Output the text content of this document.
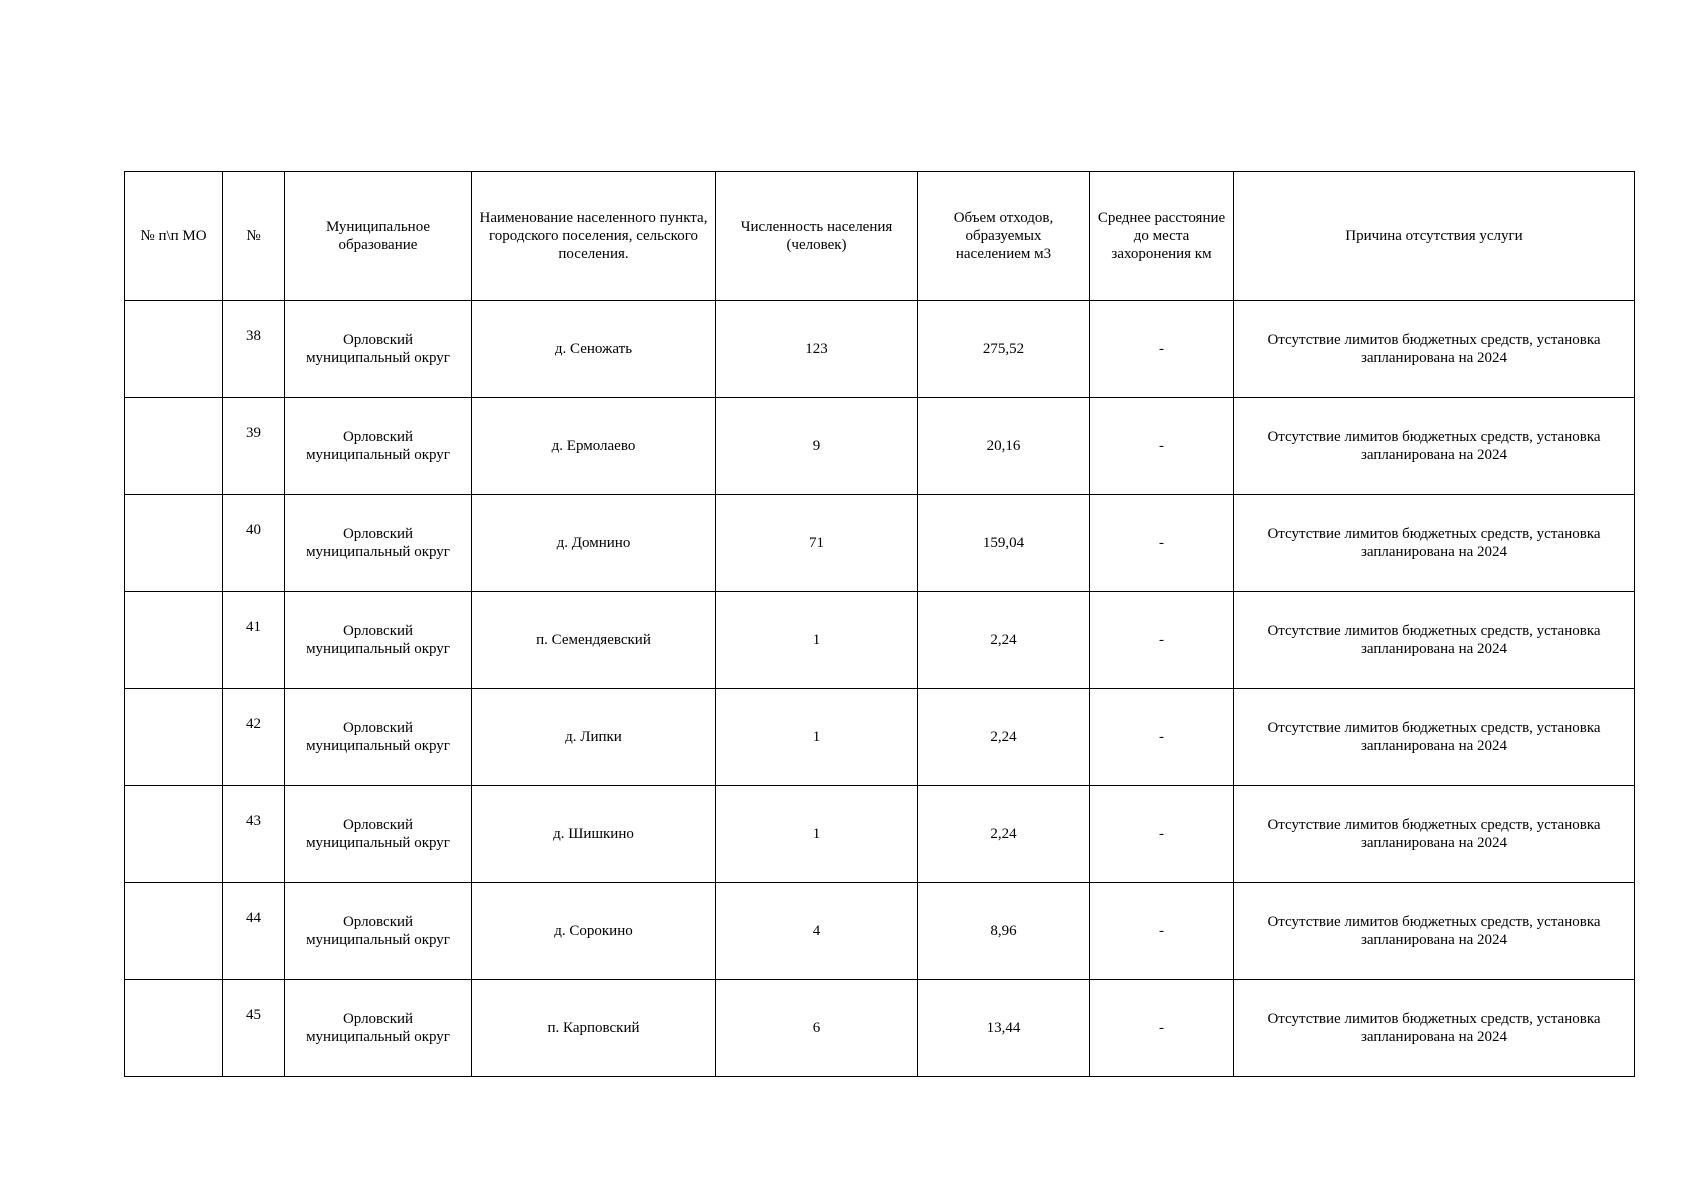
№ п\п МО	№	Муниципальное образование	Наименование населенного пункта, городского поселения, сельского поселения.	Численность населения (человек)	Объем отходов, образуемых населением м3	Среднее расстояние до места захоронения км	Причина отсутствия услуги
	38	Орловский муниципальный округ	д. Сеножать	123	275,52	-	Отсутствие лимитов бюджетных средств, установка запланирована на 2024

	39	Орловский муниципальный округ	д. Ермолаево	9	20,16	-	Отсутствие лимитов бюджетных средств, установка запланирована на 2024

	40	Орловский муниципальный округ	д. Домнино	71	159,04	-	Отсутствие лимитов бюджетных средств, установка запланирована на 2024

	41	Орловский муниципальный округ	п. Семендяевский	1	2,24	-	Отсутствие лимитов бюджетных средств, установка запланирована на 2024

	42	Орловский муниципальный округ	д. Липки	1	2,24	-	Отсутствие лимитов бюджетных средств, установка запланирована на 2024

	43	Орловский муниципальный округ	д. Шишкино	1	2,24	-	Отсутствие лимитов бюджетных средств, установка запланирована на 2024

	44	Орловский муниципальный округ	д. Сорокино	4	8,96	-	Отсутствие лимитов бюджетных средств, установка запланирована на 2024

	45	Орловский муниципальный округ	п. Карповский	6	13,44	-	Отсутствие лимитов бюджетных средств, установка запланирована на 2024
